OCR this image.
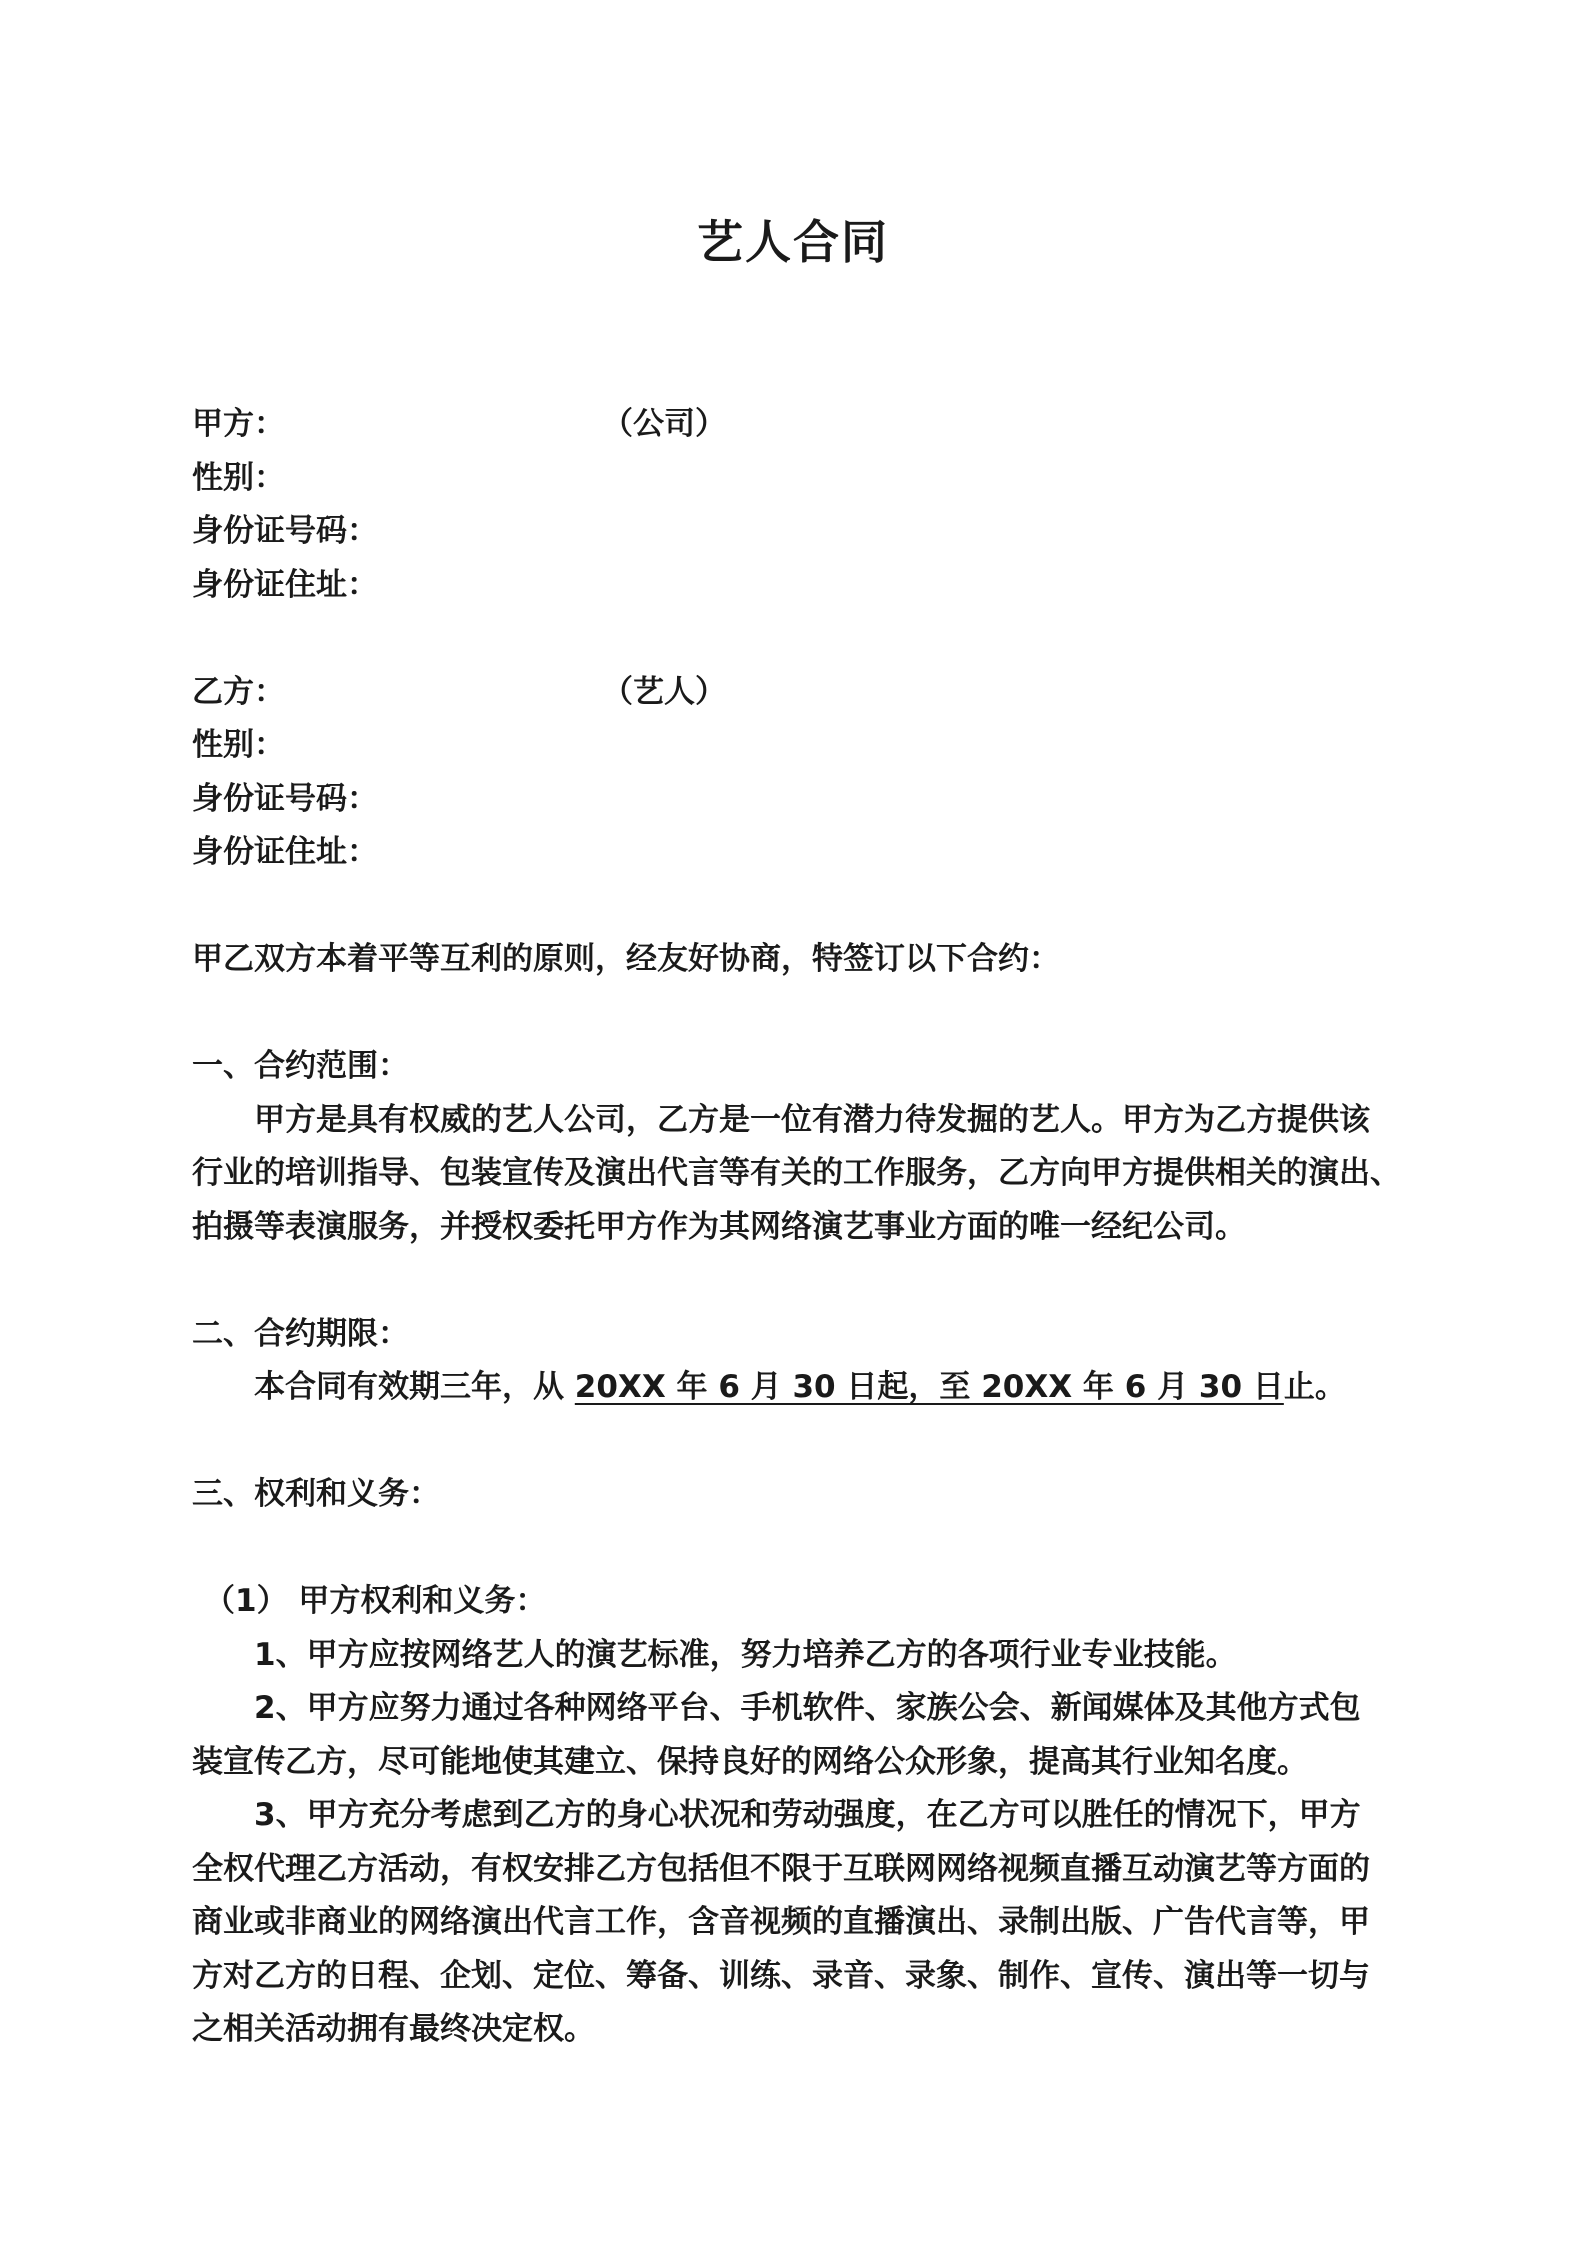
艺人合同
甲方：	（公司）
性别：
身份证号码：
身份证住址：
乙方：	（艺人）
性别：
身份证号码：
身份证住址：
甲乙双方本着平等互利的原则，经友好协商，特签订以下合约：
一、合约范围：
甲方是具有权威的艺人公司，乙方是一位有潜力待发掘的艺人。甲方为乙方提供该
行业的培训指导、包装宣传及演出代言等有关的工作服务，乙方向甲方提供相关的演出、
拍摄等表演服务，并授权委托甲方作为其网络演艺事业方面的唯一经纪公司。
二、合约期限：
本合同有效期三年，从 20XX 年 6 月 30 日起，至 20XX 年 6 月 30 日止。
三、权利和义务：
（1） 甲方权利和义务：
1、甲方应按网络艺人的演艺标准，努力培养乙方的各项行业专业技能。
2、甲方应努力通过各种网络平台、手机软件、家族公会、新闻媒体及其他方式包
装宣传乙方，尽可能地使其建立、保持良好的网络公众形象，提高其行业知名度。
3、甲方充分考虑到乙方的身心状况和劳动强度，在乙方可以胜任的情况下，甲方
全权代理乙方活动，有权安排乙方包括但不限于互联网网络视频直播互动演艺等方面的
商业或非商业的网络演出代言工作，含音视频的直播演出、录制出版、广告代言等，甲
方对乙方的日程、企划、定位、筹备、训练、录音、录象、制作、宣传、演出等一切与
之相关活动拥有最终决定权。
